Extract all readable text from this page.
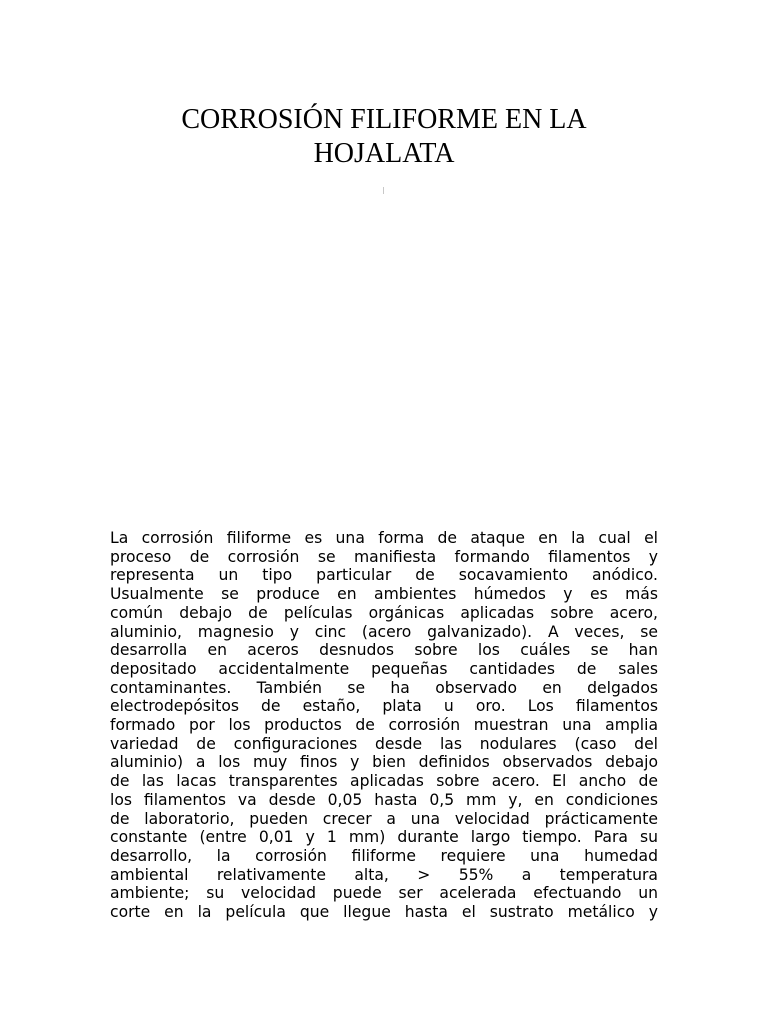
CORROSIÓN FILIFORME EN LA
HOJALATA
La corrosión filiforme es una forma de ataque en la cual el
proceso de corrosión se manifiesta formando filamentos y
representa un tipo particular de socavamiento anódico.
Usualmente se produce en ambientes húmedos y es más
común debajo de películas orgánicas aplicadas sobre acero,
aluminio, magnesio y cinc (acero galvanizado). A veces, se
desarrolla en aceros desnudos sobre los cuáles se han
depositado accidentalmente pequeñas cantidades de sales
contaminantes. También se ha observado en delgados
electrodepósitos de estaño, plata u oro. Los filamentos
formado por los productos de corrosión muestran una amplia
variedad de configuraciones desde las nodulares (caso del
aluminio) a los muy finos y bien definidos observados debajo
de las lacas transparentes aplicadas sobre acero. El ancho de
los filamentos va desde 0,05 hasta 0,5 mm y, en condiciones
de laboratorio, pueden crecer a una velocidad prácticamente
constante (entre 0,01 y 1 mm) durante largo tiempo. Para su
desarrollo, la corrosión filiforme requiere una humedad
ambiental relativamente alta, > 55% a temperatura
ambiente; su velocidad puede ser acelerada efectuando un
corte en la película que llegue hasta el sustrato metálico y
